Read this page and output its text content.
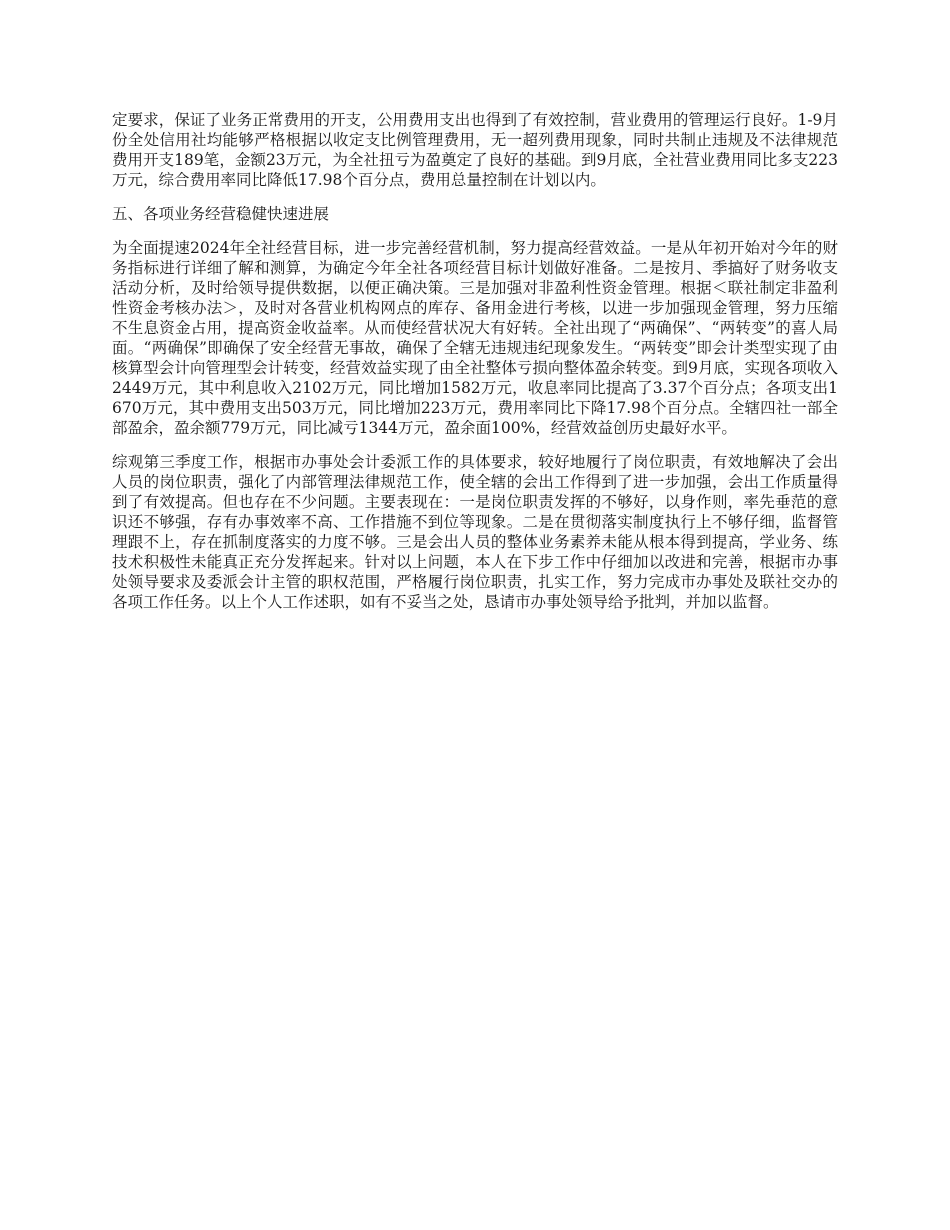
定要求，保证了业务正常费用的开支，公用费用支出也得到了有效控制，营业费用的管理运行良好。1-9月份全处信用社均能够严格根据以收定支比例管理费用，无一超列费用现象，同时共制止违规及不法律规范费用开支189笔，金额23万元，为全社扭亏为盈奠定了良好的基础。到9月底，全社营业费用同比多支223万元，综合费用率同比降低17.98个百分点，费用总量控制在计划以内。

五、各项业务经营稳健快速进展

为全面提速2024年全社经营目标，进一步完善经营机制，努力提高经营效益。一是从年初开始对今年的财务指标进行详细了解和测算，为确定今年全社各项经营目标计划做好准备。二是按月、季搞好了财务收支活动分析，及时给领导提供数据，以便正确决策。三是加强对非盈利性资金管理。根据＜联社制定非盈利性资金考核办法＞，及时对各营业机构网点的库存、备用金进行考核，以进一步加强现金管理，努力压缩不生息资金占用，提高资金收益率。从而使经营状况大有好转。全社出现了“两确保”、“两转变”的喜人局面。“两确保”即确保了安全经营无事故，确保了全辖无违规违纪现象发生。“两转变”即会计类型实现了由核算型会计向管理型会计转变，经营效益实现了由全社整体亏损向整体盈余转变。到9月底，实现各项收入2449万元，其中利息收入2102万元，同比增加1582万元，收息率同比提高了3.37个百分点；各项支出1670万元，其中费用支出503万元，同比增加223万元，费用率同比下降17.98个百分点。全辖四社一部全部盈余，盈余额779万元，同比减亏1344万元，盈余面100%，经营效益创历史最好水平。

综观第三季度工作，根据市办事处会计委派工作的具体要求，较好地履行了岗位职责，有效地解决了会出人员的岗位职责，强化了内部管理法律规范工作，使全辖的会出工作得到了进一步加强，会出工作质量得到了有效提高。但也存在不少问题。主要表现在：一是岗位职责发挥的不够好，以身作则，率先垂范的意识还不够强，存有办事效率不高、工作措施不到位等现象。二是在贯彻落实制度执行上不够仔细，监督管理跟不上，存在抓制度落实的力度不够。三是会出人员的整体业务素养未能从根本得到提高，学业务、练技术积极性未能真正充分发挥起来。针对以上问题，本人在下步工作中仔细加以改进和完善，根据市办事处领导要求及委派会计主管的职权范围，严格履行岗位职责，扎实工作，努力完成市办事处及联社交办的各项工作任务。以上个人工作述职，如有不妥当之处，恳请市办事处领导给予批判，并加以监督。
